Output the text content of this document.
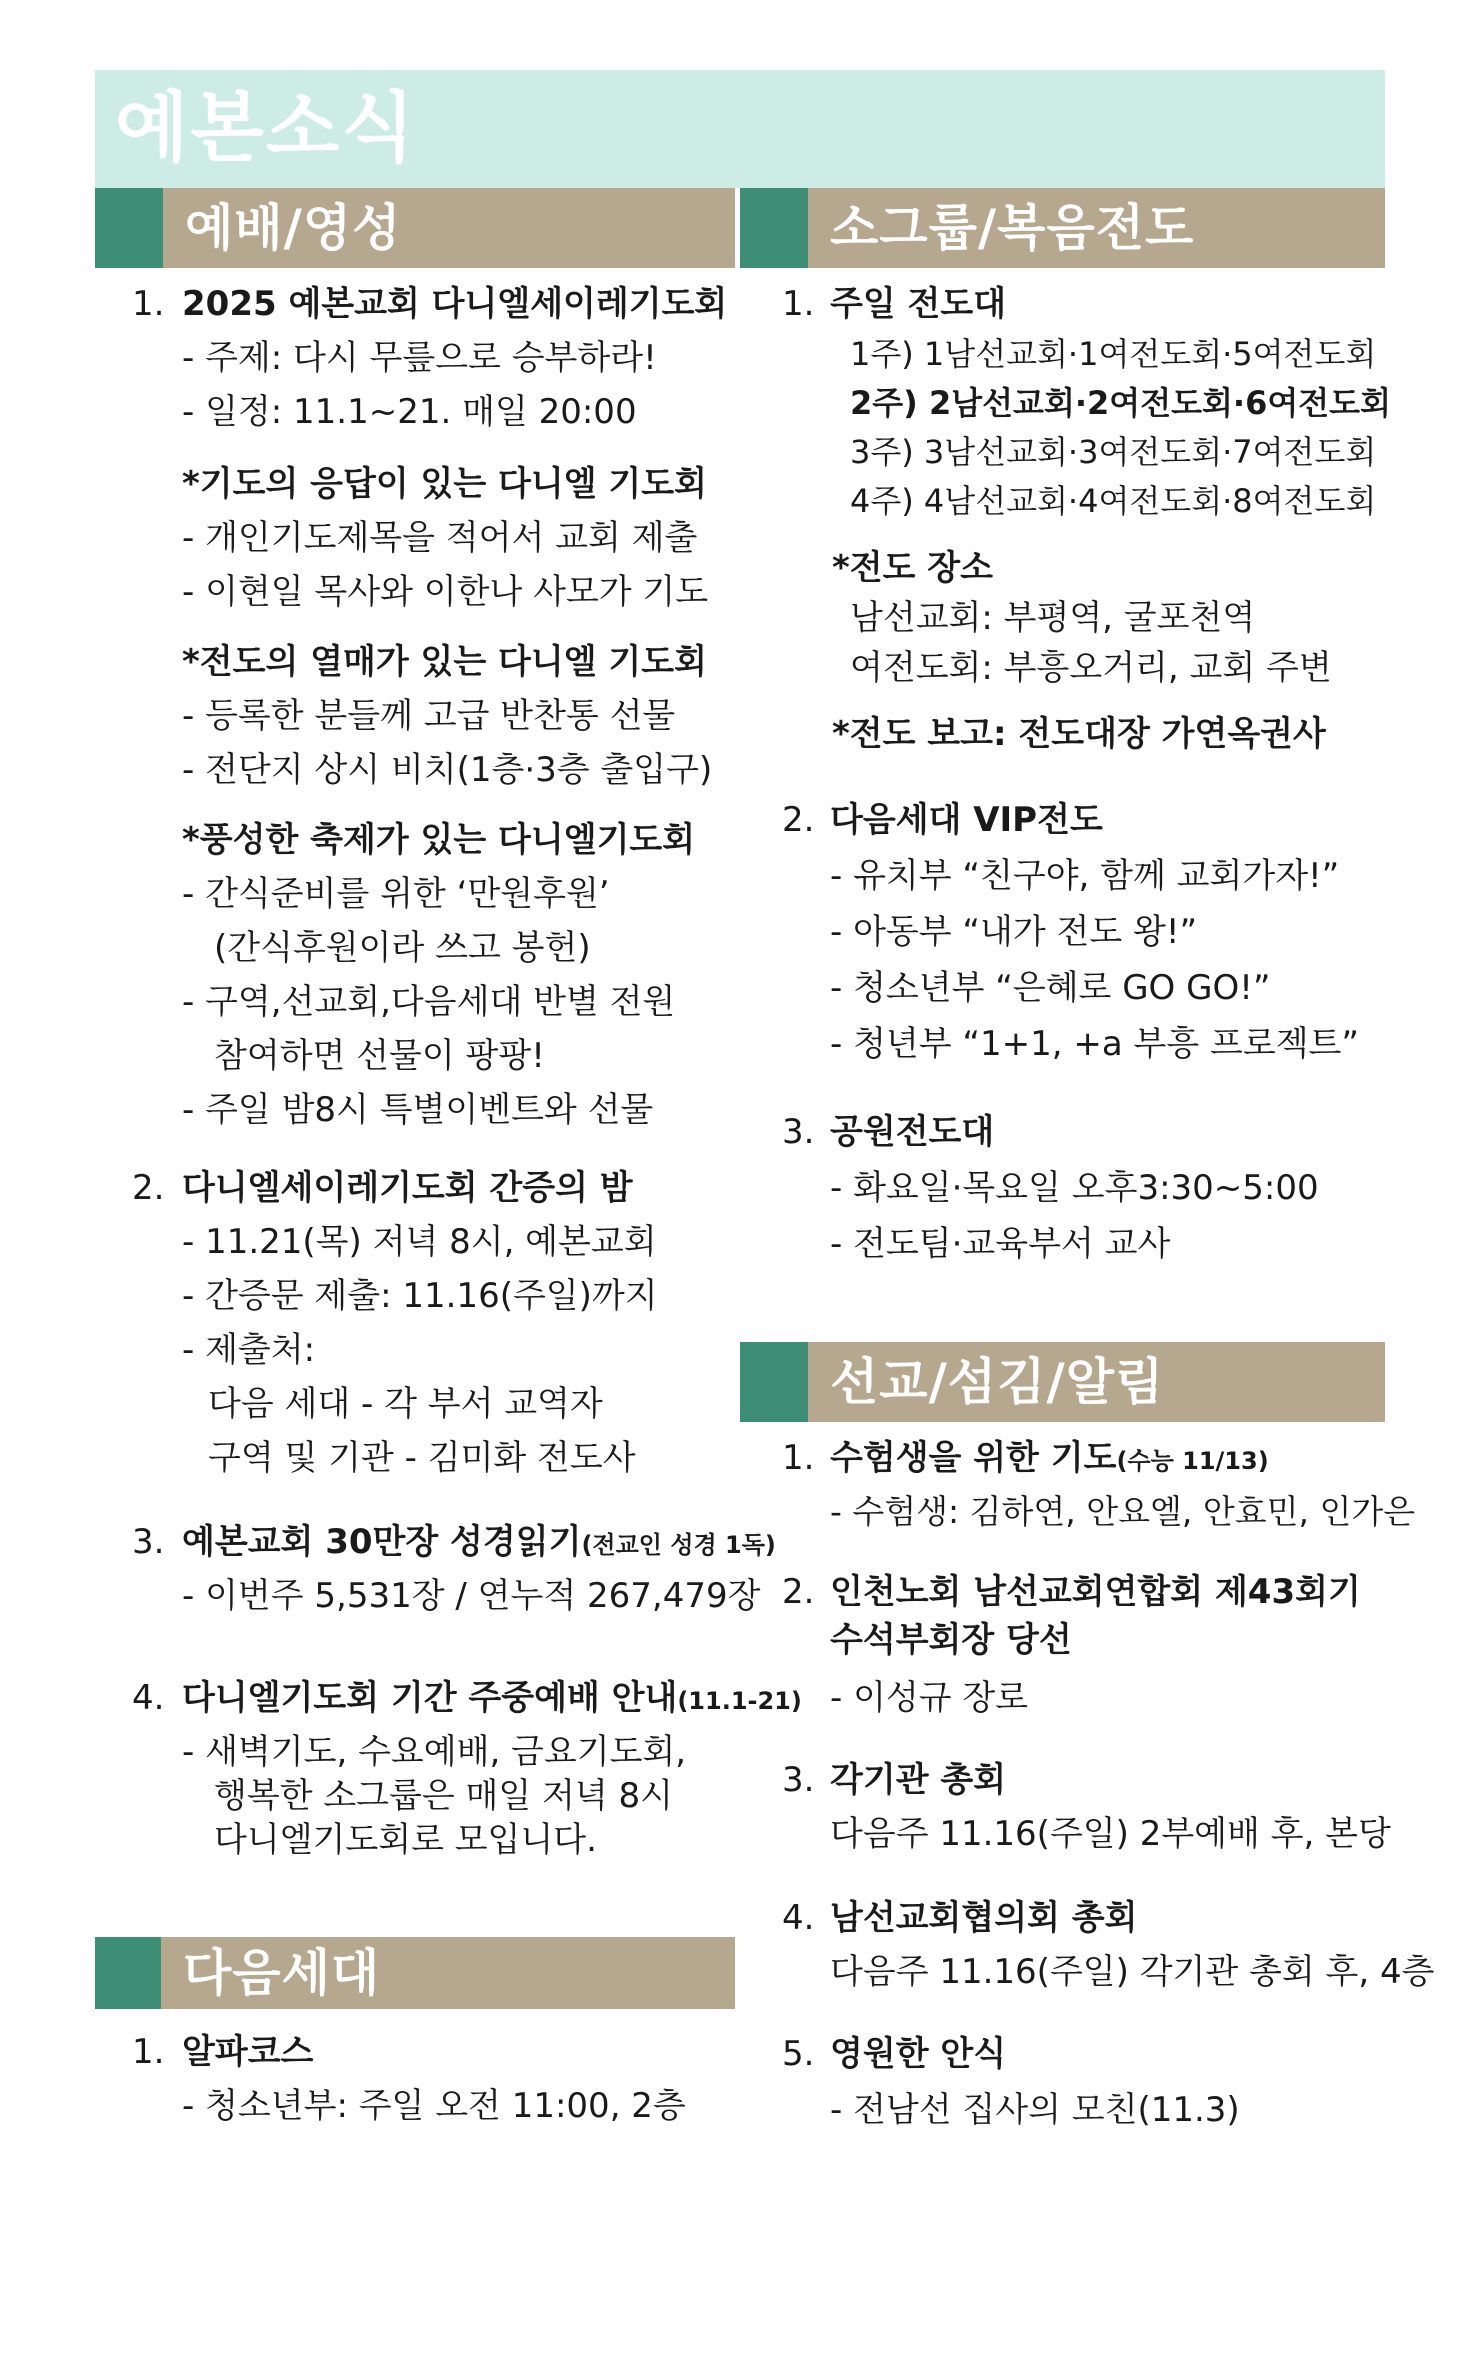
예본소식
예배/영성	소그룹/복음전도
선교/섬김/알림
다음세대
1. 2025 예본교회 다니엘세이레기도회
- 주제: 다시 무릎으로 승부하라!
- 일정: 11.1~21. 매일 20:00
*기도의 응답이 있는 다니엘 기도회
- 개인기도제목을 적어서 교회 제출
- 이현일 목사와 이한나 사모가 기도
*전도의 열매가 있는 다니엘 기도회
- 등록한 분들께 고급 반찬통 선물
- 전단지 상시 비치(1층·3층 출입구)
*풍성한 축제가 있는 다니엘기도회
- 간식준비를 위한 ‘만원후원’
(간식후원이라 쓰고 봉헌)
- 구역,선교회,다음세대 반별 전원
참여하면 선물이 팡팡!
- 주일 밤8시 특별이벤트와 선물
2. 다니엘세이레기도회 간증의 밤
- 11.21(목) 저녁 8시, 예본교회
- 간증문 제출: 11.16(주일)까지
- 제출처:
다음 세대 - 각 부서 교역자
구역 및 기관 - 김미화 전도사
3. 예본교회 30만장 성경읽기(전교인 성경 1독)
- 이번주 5,531장 / 연누적 267,479장
4. 다니엘기도회 기간 주중예배 안내(11.1-21)
- 새벽기도, 수요예배, 금요기도회,
행복한 소그룹은 매일 저녁 8시
다니엘기도회로 모입니다.
1. 알파코스
- 청소년부: 주일 오전 11:00, 2층
1. 주일 전도대
1주) 1남선교회·1여전도회·5여전도회
2주) 2남선교회·2여전도회·6여전도회
3주) 3남선교회·3여전도회·7여전도회
4주) 4남선교회·4여전도회·8여전도회
*전도 장소
남선교회: 부평역, 굴포천역
여전도회: 부흥오거리, 교회 주변
*전도 보고: 전도대장 가연옥권사
2. 다음세대 VIP전도
- 유치부 “친구야, 함께 교회가자!”
- 아동부 “내가 전도 왕!”
- 청소년부 “은혜로 GO GO!”
- 청년부 “1+1, +a 부흥 프로젝트”
3. 공원전도대
- 화요일·목요일 오후3:30~5:00
- 전도팀·교육부서 교사
1. 수험생을 위한 기도(수능 11/13)
- 수험생: 김하연, 안요엘, 안효민, 인가은
2. 인천노회 남선교회연합회 제43회기
수석부회장 당선
- 이성규 장로
3. 각기관 총회
다음주 11.16(주일) 2부예배 후, 본당
4. 남선교회협의회 총회
다음주 11.16(주일) 각기관 총회 후, 4층
5. 영원한 안식
- 전남선 집사의 모친(11.3)
